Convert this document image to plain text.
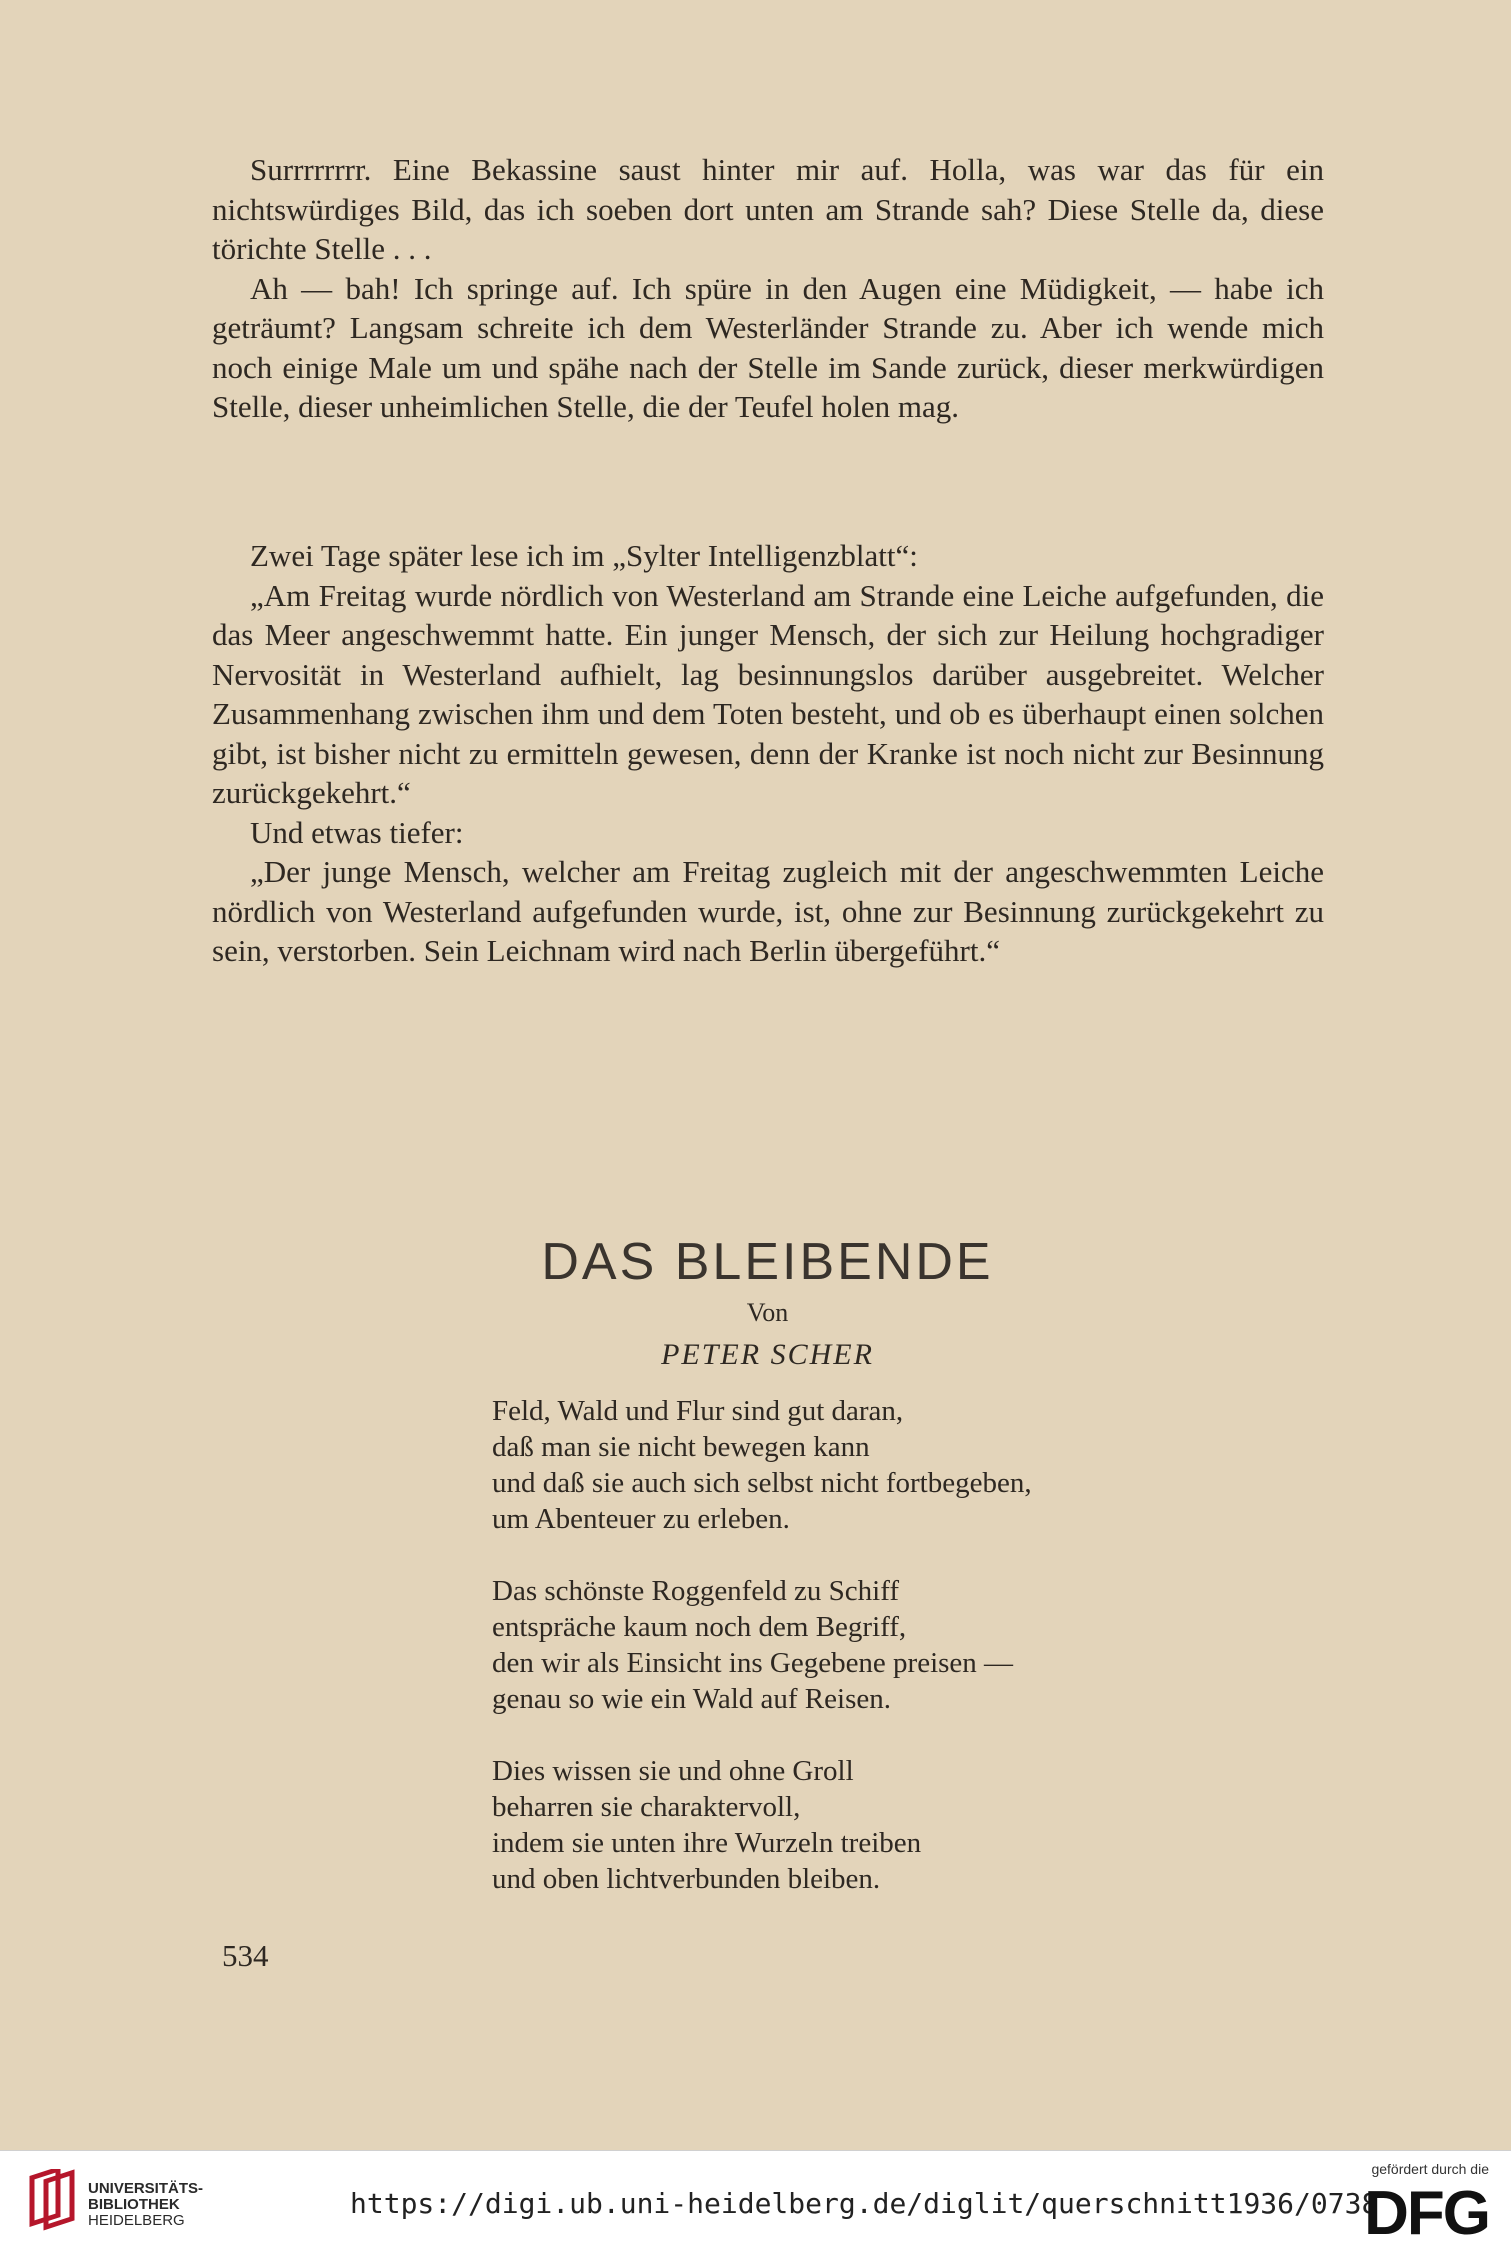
Surrrrrrrr. Eine Bekassine saust hinter mir auf. Holla, was war das für ein nichtswürdiges Bild, das ich soeben dort unten am Strande sah? Diese Stelle da, diese törichte Stelle . . .

Ah — bah! Ich springe auf. Ich spüre in den Augen eine Müdigkeit, — habe ich geträumt? Langsam schreite ich dem Westerländer Strande zu. Aber ich wende mich noch einige Male um und spähe nach der Stelle im Sande zurück, dieser merkwürdigen Stelle, dieser unheimlichen Stelle, die der Teufel holen mag.

Zwei Tage später lese ich im „Sylter Intelligenzblatt“:

„Am Freitag wurde nördlich von Westerland am Strande eine Leiche aufgefunden, die das Meer angeschwemmt hatte. Ein junger Mensch, der sich zur Heilung hochgradiger Nervosität in Westerland aufhielt, lag besinnungslos darüber ausgebreitet. Welcher Zusammenhang zwischen ihm und dem Toten besteht, und ob es überhaupt einen solchen gibt, ist bisher nicht zu ermitteln gewesen, denn der Kranke ist noch nicht zur Besinnung zurückgekehrt.“

Und etwas tiefer:

„Der junge Mensch, welcher am Freitag zugleich mit der angeschwemmten Leiche nördlich von Westerland aufgefunden wurde, ist, ohne zur Besinnung zurückgekehrt zu sein, verstorben. Sein Leichnam wird nach Berlin übergeführt.“

DAS BLEIBENDE
Von
PETER SCHER
Feld, Wald und Flur sind gut daran,
daß man sie nicht bewegen kann
und daß sie auch sich selbst nicht fortbegeben,
um Abenteuer zu erleben.
Das schönste Roggenfeld zu Schiff
entspräche kaum noch dem Begriff,
den wir als Einsicht ins Gegebene preisen —
genau so wie ein Wald auf Reisen.
Dies wissen sie und ohne Groll
beharren sie charaktervoll,
indem sie unten ihre Wurzeln treiben
und oben lichtverbunden bleiben.
534
UNIVERSITÄTS-
BIBLIOTHEK
HEIDELBERG
https://digi.ub.uni-heidelberg.de/diglit/querschnitt1936/0738
gefördert durch die
DFG
